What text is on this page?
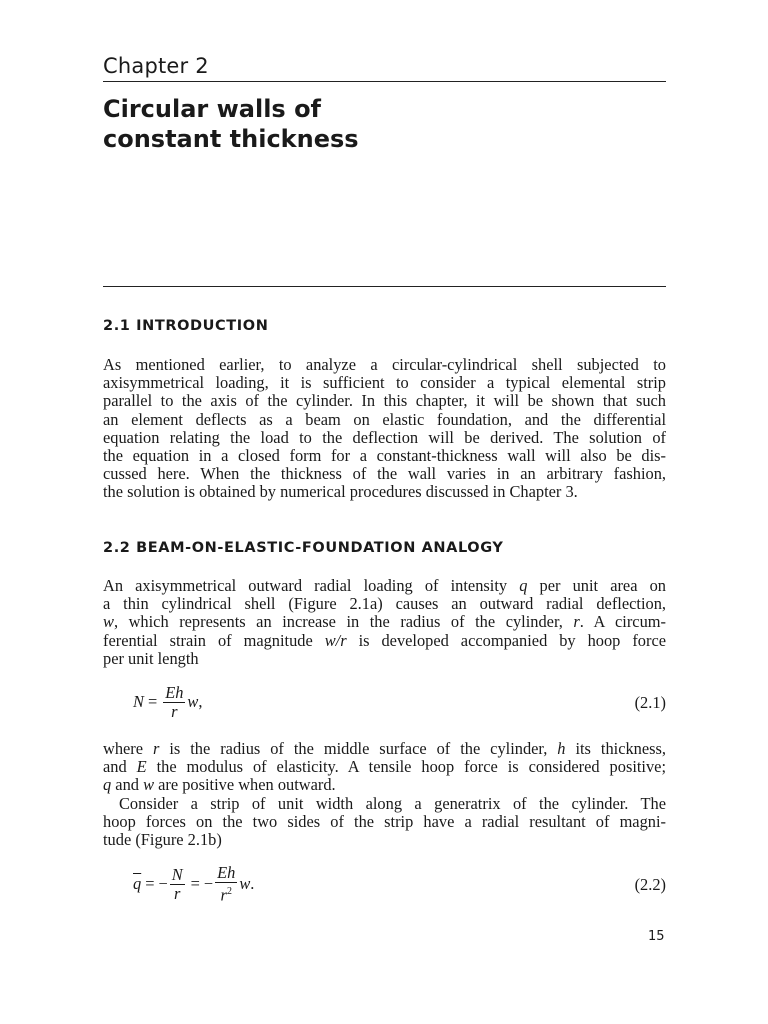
Chapter 2
Circular walls of
constant thickness
2.1 INTRODUCTION
As mentioned earlier, to analyze a circular-cylindrical shell subjected to
axisymmetrical loading, it is sufficient to consider a typical elemental strip
parallel to the axis of the cylinder. In this chapter, it will be shown that such
an element deflects as a beam on elastic foundation, and the differential
equation relating the load to the deflection will be derived. The solution of
the equation in a closed form for a constant-thickness wall will also be dis-
cussed here. When the thickness of the wall varies in an arbitrary fashion,
the solution is obtained by numerical procedures discussed in Chapter 3.
2.2 BEAM-ON-ELASTIC-FOUNDATION ANALOGY
An axisymmetrical outward radial loading of intensity q per unit area on
a thin cylindrical shell (Figure 2.1a) causes an outward radial deflection,
w, which represents an increase in the radius of the cylinder, r. A circum-
ferential strain of magnitude w/r is developed accompanied by hoop force
per unit length
$N = \frac{Eh}{r}$ w ,	(2.1)
where r is the radius of the middle surface of the cylinder, h its thickness,
and E the modulus of elasticity. A tensile hoop force is considered positive;
q and w are positive when outward.
Consider a strip of unit width along a generatrix of the cylinder. The
hoop forces on the two sides of the strip have a radial resultant of magni-
tude (Figure 2.1b)
$\overline{q}$ = − $\frac{N}{r}$ = − $\frac{Eh}{r^2}$ w .	(2.2)
15
